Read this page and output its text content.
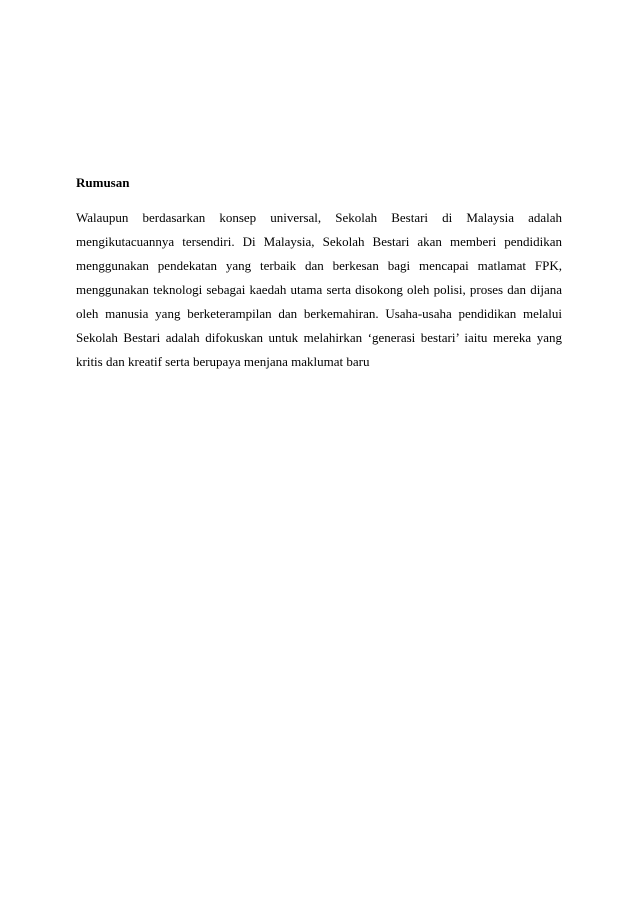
Rumusan

Walaupun berdasarkan konsep universal, Sekolah Bestari di Malaysia adalah mengikutacuannya tersendiri. Di Malaysia, Sekolah Bestari akan memberi pendidikan menggunakan pendekatan yang terbaik dan berkesan bagi mencapai matlamat FPK, menggunakan teknologi sebagai kaedah utama serta disokong oleh polisi, proses dan dijana oleh manusia yang berketerampilan dan berkemahiran. Usaha-usaha pendidikan melalui Sekolah Bestari adalah difokuskan untuk melahirkan ‘generasi bestari’ iaitu mereka yang kritis dan kreatif serta berupaya menjana maklumat baru
